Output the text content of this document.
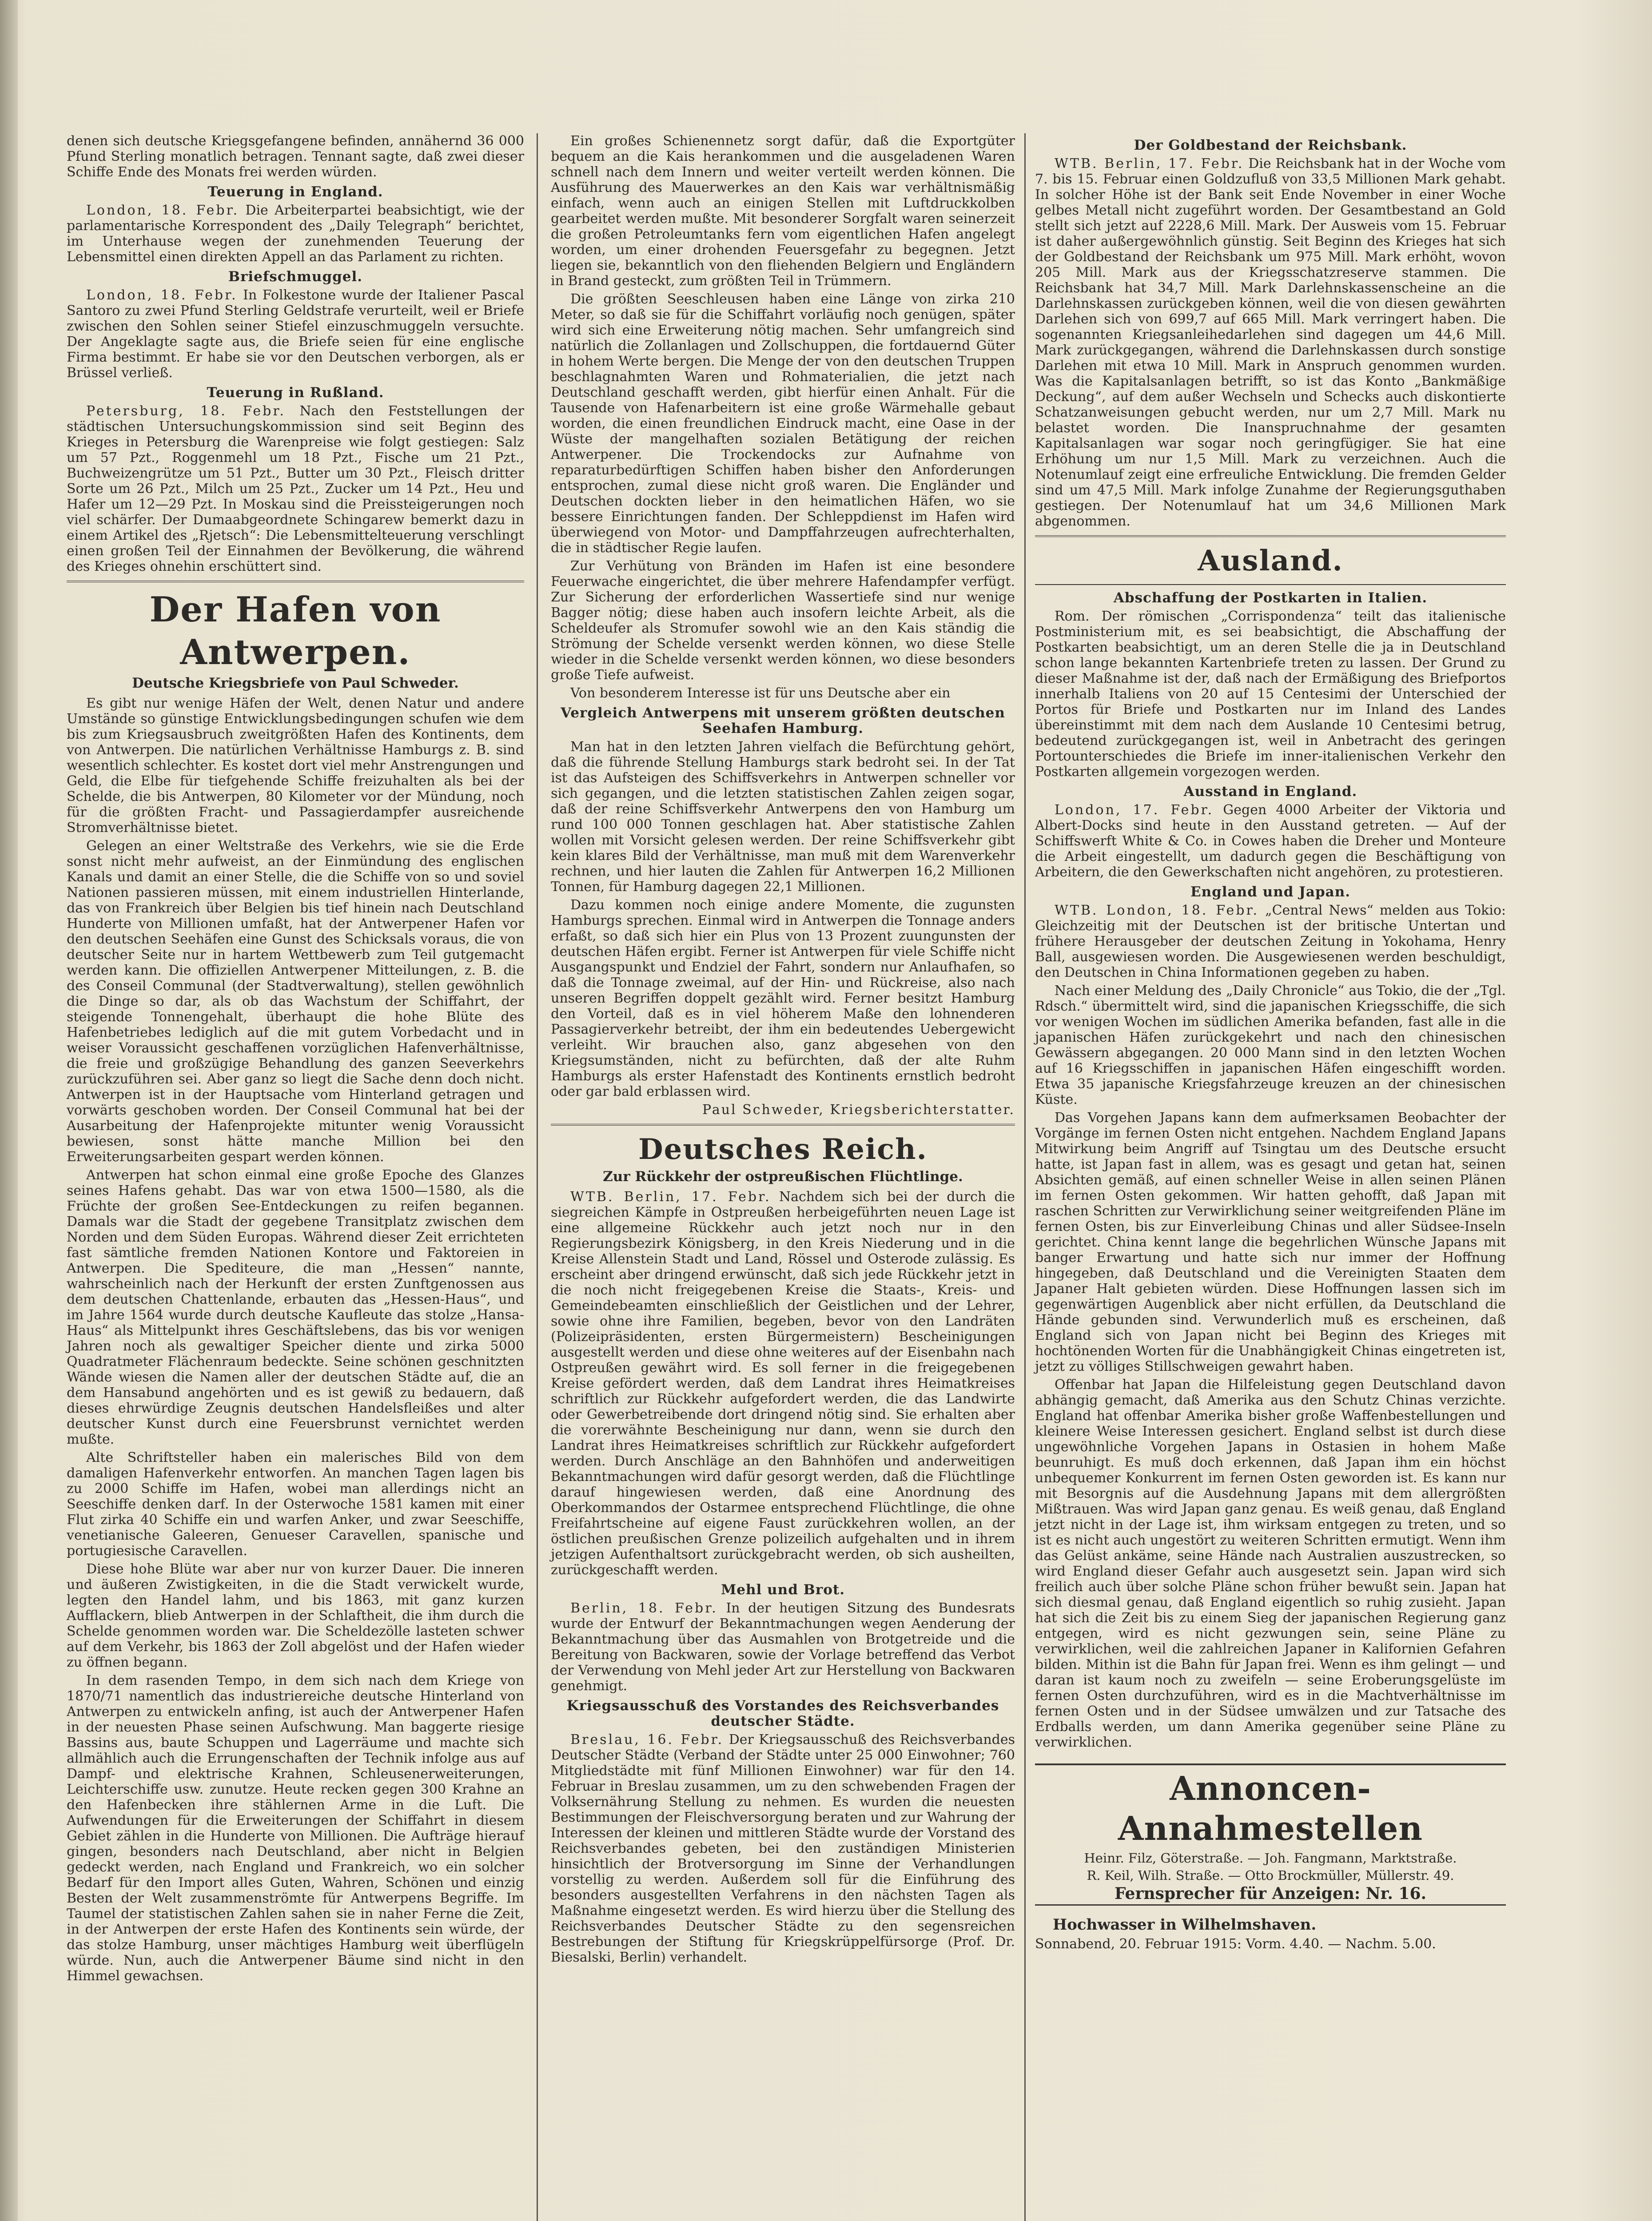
denen sich deutsche Kriegsgefangene befinden, annähernd 36 000 Pfund Sterling monatlich betragen. Tennant sagte, daß zwei dieser Schiffe Ende des Monats frei werden würden.

Teuerung in England.

London, 18. Febr. Die Arbeiterpartei beabsichtigt, wie der parlamentarische Korrespondent des „Daily Telegraph“ berichtet, im Unterhause wegen der zunehmenden Teuerung der Lebensmittel einen direkten Appell an das Parlament zu richten.

Briefschmuggel.

London, 18. Febr. In Folkestone wurde der Italiener Pascal Santoro zu zwei Pfund Sterling Geldstrafe verurteilt, weil er Briefe zwischen den Sohlen seiner Stiefel einzuschmuggeln versuchte. Der Angeklagte sagte aus, die Briefe seien für eine englische Firma bestimmt. Er habe sie vor den Deutschen verborgen, als er Brüssel verließ.

Teuerung in Rußland.

Petersburg, 18. Febr. Nach den Feststellungen der städtischen Untersuchungskommission sind seit Beginn des Krieges in Petersburg die Warenpreise wie folgt gestiegen: Salz um 57 Pzt., Roggenmehl um 18 Pzt., Fische um 21 Pzt., Buchweizengrütze um 51 Pzt., Butter um 30 Pzt., Fleisch dritter Sorte um 26 Pzt., Milch um 25 Pzt., Zucker um 14 Pzt., Heu und Hafer um 12—29 Pzt. In Moskau sind die Preissteigerungen noch viel schärfer. Der Dumaabgeordnete Schingarew bemerkt dazu in einem Artikel des „Rjetsch“: Die Lebensmittelteuerung verschlingt einen großen Teil der Einnahmen der Bevölkerung, die während des Krieges ohnehin erschüttert sind.

Der Hafen von Antwerpen.
Deutsche Kriegsbriefe von Paul Schweder.

Es gibt nur wenige Häfen der Welt, denen Natur und andere Umstände so günstige Entwicklungsbedingungen schufen wie dem bis zum Kriegsausbruch zweitgrößten Hafen des Kontinents, dem von Antwerpen. Die natürlichen Verhältnisse Hamburgs z. B. sind wesentlich schlechter. Es kostet dort viel mehr Anstrengungen und Geld, die Elbe für tiefgehende Schiffe freizuhalten als bei der Schelde, die bis Antwerpen, 80 Kilometer vor der Mündung, noch für die größten Fracht- und Passagierdampfer ausreichende Stromverhältnisse bietet.

Gelegen an einer Weltstraße des Verkehrs, wie sie die Erde sonst nicht mehr aufweist, an der Einmündung des englischen Kanals und damit an einer Stelle, die die Schiffe von so und soviel Nationen passieren müssen, mit einem industriellen Hinterlande, das von Frankreich über Belgien bis tief hinein nach Deutschland Hunderte von Millionen umfaßt, hat der Antwerpener Hafen vor den deutschen Seehäfen eine Gunst des Schicksals voraus, die von deutscher Seite nur in hartem Wettbewerb zum Teil gutgemacht werden kann. Die offiziellen Antwerpener Mitteilungen, z. B. die des Conseil Communal (der Stadtverwaltung), stellen gewöhnlich die Dinge so dar, als ob das Wachstum der Schiffahrt, der steigende Tonnengehalt, überhaupt die hohe Blüte des Hafenbetriebes lediglich auf die mit gutem Vorbedacht und in weiser Voraussicht geschaffenen vorzüglichen Hafenverhältnisse, die freie und großzügige Behandlung des ganzen Seeverkehrs zurückzuführen sei. Aber ganz so liegt die Sache denn doch nicht. Antwerpen ist in der Hauptsache vom Hinterland getragen und vorwärts geschoben worden. Der Conseil Communal hat bei der Ausarbeitung der Hafenprojekte mitunter wenig Voraussicht bewiesen, sonst hätte manche Million bei den Erweiterungsarbeiten gespart werden können.

Antwerpen hat schon einmal eine große Epoche des Glanzes seines Hafens gehabt. Das war von etwa 1500—1580, als die Früchte der großen See-Entdeckungen zu reifen begannen. Damals war die Stadt der gegebene Transitplatz zwischen dem Norden und dem Süden Europas. Während dieser Zeit errichteten fast sämtliche fremden Nationen Kontore und Faktoreien in Antwerpen. Die Spediteure, die man „Hessen“ nannte, wahrscheinlich nach der Herkunft der ersten Zunftgenossen aus dem deutschen Chattenlande, erbauten das „Hessen-Haus“, und im Jahre 1564 wurde durch deutsche Kaufleute das stolze „Hansa-Haus“ als Mittelpunkt ihres Geschäftslebens, das bis vor wenigen Jahren noch als gewaltiger Speicher diente und zirka 5000 Quadratmeter Flächenraum bedeckte. Seine schönen geschnitzten Wände wiesen die Namen aller der deutschen Städte auf, die an dem Hansabund angehörten und es ist gewiß zu bedauern, daß dieses ehrwürdige Zeugnis deutschen Handelsfleißes und alter deutscher Kunst durch eine Feuersbrunst vernichtet werden mußte.

Alte Schriftsteller haben ein malerisches Bild von dem damaligen Hafenverkehr entworfen. An manchen Tagen lagen bis zu 2000 Schiffe im Hafen, wobei man allerdings nicht an Seeschiffe denken darf. In der Osterwoche 1581 kamen mit einer Flut zirka 40 Schiffe ein und warfen Anker, und zwar Seeschiffe, venetianische Galeeren, Genueser Caravellen, spanische und portugiesische Caravellen.

Diese hohe Blüte war aber nur von kurzer Dauer. Die inneren und äußeren Zwistigkeiten, in die die Stadt verwickelt wurde, legten den Handel lahm, und bis 1863, mit ganz kurzen Aufflackern, blieb Antwerpen in der Schlaftheit, die ihm durch die Schelde genommen worden war. Die Scheldezölle lasteten schwer auf dem Verkehr, bis 1863 der Zoll abgelöst und der Hafen wieder zu öffnen begann.

In dem rasenden Tempo, in dem sich nach dem Kriege von 1870/71 namentlich das industriereiche deutsche Hinterland von Antwerpen zu entwickeln anfing, ist auch der Antwerpener Hafen in der neuesten Phase seinen Aufschwung. Man baggerte riesige Bassins aus, baute Schuppen und Lagerräume und machte sich allmählich auch die Errungenschaften der Technik infolge aus auf Dampf- und elektrische Krahnen, Schleusenerweiterungen, Leichterschiffe usw. zunutze. Heute recken gegen 300 Krahne an den Hafenbecken ihre stählernen Arme in die Luft. Die Aufwendungen für die Erweiterungen der Schiffahrt in diesem Gebiet zählen in die Hunderte von Millionen. Die Aufträge hierauf gingen, besonders nach Deutschland, aber nicht in Belgien gedeckt werden, nach England und Frankreich, wo ein solcher Bedarf für den Import alles Guten, Wahren, Schönen und einzig Besten der Welt zusammenströmte für Antwerpens Begriffe. Im Taumel der statistischen Zahlen sahen sie in naher Ferne die Zeit, in der Antwerpen der erste Hafen des Kontinents sein würde, der das stolze Hamburg, unser mächtiges Hamburg weit überflügeln würde. Nun, auch die Antwerpener Bäume sind nicht in den Himmel gewachsen.

Ein großes Schienennetz sorgt dafür, daß die Exportgüter bequem an die Kais herankommen und die ausgeladenen Waren schnell nach dem Innern und weiter verteilt werden können. Die Ausführung des Mauerwerkes an den Kais war verhältnismäßig einfach, wenn auch an einigen Stellen mit Luftdruckkolben gearbeitet werden mußte. Mit besonderer Sorgfalt waren seinerzeit die großen Petroleumtanks fern vom eigentlichen Hafen angelegt worden, um einer drohenden Feuersgefahr zu begegnen. Jetzt liegen sie, bekanntlich von den fliehenden Belgiern und Engländern in Brand gesteckt, zum größten Teil in Trümmern.

Die größten Seeschleusen haben eine Länge von zirka 210 Meter, so daß sie für die Schiffahrt vorläufig noch genügen, später wird sich eine Erweiterung nötig machen. Sehr umfangreich sind natürlich die Zollanlagen und Zollschuppen, die fortdauernd Güter in hohem Werte bergen. Die Menge der von den deutschen Truppen beschlagnahmten Waren und Rohmaterialien, die jetzt nach Deutschland geschafft werden, gibt hierfür einen Anhalt. Für die Tausende von Hafenarbeitern ist eine große Wärmehalle gebaut worden, die einen freundlichen Eindruck macht, eine Oase in der Wüste der mangelhaften sozialen Betätigung der reichen Antwerpener. Die Trockendocks zur Aufnahme von reparaturbedürftigen Schiffen haben bisher den Anforderungen entsprochen, zumal diese nicht groß waren. Die Engländer und Deutschen dockten lieber in den heimatlichen Häfen, wo sie bessere Einrichtungen fanden. Der Schleppdienst im Hafen wird überwiegend von Motor- und Dampffahrzeugen aufrechterhalten, die in städtischer Regie laufen.

Zur Verhütung von Bränden im Hafen ist eine besondere Feuerwache eingerichtet, die über mehrere Hafendampfer verfügt. Zur Sicherung der erforderlichen Wassertiefe sind nur wenige Bagger nötig; diese haben auch insofern leichte Arbeit, als die Scheldeufer als Stromufer sowohl wie an den Kais ständig die Strömung der Schelde versenkt werden können, wo diese Stelle wieder in die Schelde versenkt werden können, wo diese besonders große Tiefe aufweist.

Von besonderem Interesse ist für uns Deutsche aber ein

Vergleich Antwerpens mit unserem größten deutschen Seehafen Hamburg.

Man hat in den letzten Jahren vielfach die Befürchtung gehört, daß die führende Stellung Hamburgs stark bedroht sei. In der Tat ist das Aufsteigen des Schiffsverkehrs in Antwerpen schneller vor sich gegangen, und die letzten statistischen Zahlen zeigen sogar, daß der reine Schiffsverkehr Antwerpens den von Hamburg um rund 100 000 Tonnen geschlagen hat. Aber statistische Zahlen wollen mit Vorsicht gelesen werden. Der reine Schiffsverkehr gibt kein klares Bild der Verhältnisse, man muß mit dem Warenverkehr rechnen, und hier lauten die Zahlen für Antwerpen 16,2 Millionen Tonnen, für Hamburg dagegen 22,1 Millionen.

Dazu kommen noch einige andere Momente, die zugunsten Hamburgs sprechen. Einmal wird in Antwerpen die Tonnage anders erfaßt, so daß sich hier ein Plus von 13 Prozent zuungunsten der deutschen Häfen ergibt. Ferner ist Antwerpen für viele Schiffe nicht Ausgangspunkt und Endziel der Fahrt, sondern nur Anlaufhafen, so daß die Tonnage zweimal, auf der Hin- und Rückreise, also nach unseren Begriffen doppelt gezählt wird. Ferner besitzt Hamburg den Vorteil, daß es in viel höherem Maße den lohnenderen Passagierverkehr betreibt, der ihm ein bedeutendes Uebergewicht verleiht. Wir brauchen also, ganz abgesehen von den Kriegsumständen, nicht zu befürchten, daß der alte Ruhm Hamburgs als erster Hafenstadt des Kontinents ernstlich bedroht oder gar bald erblassen wird.

Paul Schweder, Kriegsberichterstatter.
Deutsches Reich.
Zur Rückkehr der ostpreußischen Flüchtlinge.

WTB. Berlin, 17. Febr. Nachdem sich bei der durch die siegreichen Kämpfe in Ostpreußen herbeigeführten neuen Lage ist eine allgemeine Rückkehr auch jetzt noch nur in den Regierungsbezirk Königsberg, in den Kreis Niederung und in die Kreise Allenstein Stadt und Land, Rössel und Osterode zulässig. Es erscheint aber dringend erwünscht, daß sich jede Rückkehr jetzt in die noch nicht freigegebenen Kreise die Staats-, Kreis- und Gemeindebeamten einschließlich der Geistlichen und der Lehrer, sowie ohne ihre Familien, begeben, bevor von den Landräten (Polizeipräsidenten, ersten Bürgermeistern) Bescheinigungen ausgestellt werden und diese ohne weiteres auf der Eisenbahn nach Ostpreußen gewährt wird. Es soll ferner in die freigegebenen Kreise gefördert werden, daß dem Landrat ihres Heimatkreises schriftlich zur Rückkehr aufgefordert werden, die das Landwirte oder Gewerbetreibende dort dringend nötig sind. Sie erhalten aber die vorerwähnte Bescheinigung nur dann, wenn sie durch den Landrat ihres Heimatkreises schriftlich zur Rückkehr aufgefordert werden. Durch Anschläge an den Bahnhöfen und anderweitigen Bekanntmachungen wird dafür gesorgt werden, daß die Flüchtlinge darauf hingewiesen werden, daß eine Anordnung des Oberkommandos der Ostarmee entsprechend Flüchtlinge, die ohne Freifahrtscheine auf eigene Faust zurückkehren wollen, an der östlichen preußischen Grenze polizeilich aufgehalten und in ihrem jetzigen Aufenthaltsort zurückgebracht werden, ob sich ausheilten, zurückgeschafft werden.

Mehl und Brot.

Berlin, 18. Febr. In der heutigen Sitzung des Bundesrats wurde der Entwurf der Bekanntmachungen wegen Aenderung der Bekanntmachung über das Ausmahlen von Brotgetreide und die Bereitung von Backwaren, sowie der Vorlage betreffend das Verbot der Verwendung von Mehl jeder Art zur Herstellung von Backwaren genehmigt.

Kriegsausschuß des Vorstandes des Reichsverbandes deutscher Städte.

Breslau, 16. Febr. Der Kriegsausschuß des Reichsverbandes Deutscher Städte (Verband der Städte unter 25 000 Einwohner; 760 Mitgliedstädte mit fünf Millionen Einwohner) war für den 14. Februar in Breslau zusammen, um zu den schwebenden Fragen der Volksernährung Stellung zu nehmen. Es wurden die neuesten Bestimmungen der Fleischversorgung beraten und zur Wahrung der Interessen der kleinen und mittleren Städte wurde der Vorstand des Reichsverbandes gebeten, bei den zuständigen Ministerien hinsichtlich der Brotversorgung im Sinne der Verhandlungen vorstellig zu werden. Außerdem soll für die Einführung des besonders ausgestellten Verfahrens in den nächsten Tagen als Maßnahme eingesetzt werden. Es wird hierzu über die Stellung des Reichsverbandes Deutscher Städte zu den segensreichen Bestrebungen der Stiftung für Kriegskrüppelfürsorge (Prof. Dr. Biesalski, Berlin) verhandelt.

Der Goldbestand der Reichsbank.

WTB. Berlin, 17. Febr. Die Reichsbank hat in der Woche vom 7. bis 15. Februar einen Goldzufluß von 33,5 Millionen Mark gehabt. In solcher Höhe ist der Bank seit Ende November in einer Woche gelbes Metall nicht zugeführt worden. Der Gesamtbestand an Gold stellt sich jetzt auf 2228,6 Mill. Mark. Der Ausweis vom 15. Februar ist daher außergewöhnlich günstig. Seit Beginn des Krieges hat sich der Goldbestand der Reichsbank um 975 Mill. Mark erhöht, wovon 205 Mill. Mark aus der Kriegsschatzreserve stammen. Die Reichsbank hat 34,7 Mill. Mark Darlehnskassenscheine an die Darlehnskassen zurückgeben können, weil die von diesen gewährten Darlehen sich von 699,7 auf 665 Mill. Mark verringert haben. Die sogenannten Kriegsanleihedarlehen sind dagegen um 44,6 Mill. Mark zurückgegangen, während die Darlehnskassen durch sonstige Darlehen mit etwa 10 Mill. Mark in Anspruch genommen wurden. Was die Kapitalsanlagen betrifft, so ist das Konto „Bankmäßige Deckung“, auf dem außer Wechseln und Schecks auch diskontierte Schatzanweisungen gebucht werden, nur um 2,7 Mill. Mark nu belastet worden. Die Inanspruchnahme der gesamten Kapitalsanlagen war sogar noch geringfügiger. Sie hat eine Erhöhung um nur 1,5 Mill. Mark zu verzeichnen. Auch die Notenumlauf zeigt eine erfreuliche Entwicklung. Die fremden Gelder sind um 47,5 Mill. Mark infolge Zunahme der Regierungsguthaben gestiegen. Der Notenumlauf hat um 34,6 Millionen Mark abgenommen.

Ausland.
Abschaffung der Postkarten in Italien.

Rom. Der römischen „Corrispondenza“ teilt das italienische Postministerium mit, es sei beabsichtigt, die Abschaffung der Postkarten beabsichtigt, um an deren Stelle die ja in Deutschland schon lange bekannten Kartenbriefe treten zu lassen. Der Grund zu dieser Maßnahme ist der, daß nach der Ermäßigung des Briefportos innerhalb Italiens von 20 auf 15 Centesimi der Unterschied der Portos für Briefe und Postkarten nur im Inland des Landes übereinstimmt mit dem nach dem Auslande 10 Centesimi betrug, bedeutend zurückgegangen ist, weil in Anbetracht des geringen Portounterschiedes die Briefe im inner-italienischen Verkehr den Postkarten allgemein vorgezogen werden.

Ausstand in England.

London, 17. Febr. Gegen 4000 Arbeiter der Viktoria und Albert-Docks sind heute in den Ausstand getreten. — Auf der Schiffswerft White & Co. in Cowes haben die Dreher und Monteure die Arbeit eingestellt, um dadurch gegen die Beschäftigung von Arbeitern, die den Gewerkschaften nicht angehören, zu protestieren.

England und Japan.

WTB. London, 18. Febr. „Central News“ melden aus Tokio: Gleichzeitig mit der Deutschen ist der britische Untertan und frühere Herausgeber der deutschen Zeitung in Yokohama, Henry Ball, ausgewiesen worden. Die Ausgewiesenen werden beschuldigt, den Deutschen in China Informationen gegeben zu haben.

Nach einer Meldung des „Daily Chronicle“ aus Tokio, die der „Tgl. Rdsch.“ übermittelt wird, sind die japanischen Kriegsschiffe, die sich vor wenigen Wochen im südlichen Amerika befanden, fast alle in die japanischen Häfen zurückgekehrt und nach den chinesischen Gewässern abgegangen. 20 000 Mann sind in den letzten Wochen auf 16 Kriegsschiffen in japanischen Häfen eingeschifft worden. Etwa 35 japanische Kriegsfahrzeuge kreuzen an der chinesischen Küste.

Das Vorgehen Japans kann dem aufmerksamen Beobachter der Vorgänge im fernen Osten nicht entgehen. Nachdem England Japans Mitwirkung beim Angriff auf Tsingtau um des Deutsche ersucht hatte, ist Japan fast in allem, was es gesagt und getan hat, seinen Absichten gemäß, auf einen schneller Weise in allen seinen Plänen im fernen Osten gekommen. Wir hatten gehofft, daß Japan mit raschen Schritten zur Verwirklichung seiner weitgreifenden Pläne im fernen Osten, bis zur Einverleibung Chinas und aller Südsee-Inseln gerichtet. China kennt lange die begehrlichen Wünsche Japans mit banger Erwartung und hatte sich nur immer der Hoffnung hingegeben, daß Deutschland und die Vereinigten Staaten dem Japaner Halt gebieten würden. Diese Hoffnungen lassen sich im gegenwärtigen Augenblick aber nicht erfüllen, da Deutschland die Hände gebunden sind. Verwunderlich muß es erscheinen, daß England sich von Japan nicht bei Beginn des Krieges mit hochtönenden Worten für die Unabhängigkeit Chinas eingetreten ist, jetzt zu völliges Stillschweigen gewahrt haben.

Offenbar hat Japan die Hilfeleistung gegen Deutschland davon abhängig gemacht, daß Amerika aus den Schutz Chinas verzichte. England hat offenbar Amerika bisher große Waffenbestellungen und kleinere Weise Interessen gesichert. England selbst ist durch diese ungewöhnliche Vorgehen Japans in Ostasien in hohem Maße beunruhigt. Es muß doch erkennen, daß Japan ihm ein höchst unbequemer Konkurrent im fernen Osten geworden ist. Es kann nur mit Besorgnis auf die Ausdehnung Japans mit dem allergrößten Mißtrauen. Was wird Japan ganz genau. Es weiß genau, daß England jetzt nicht in der Lage ist, ihm wirksam entgegen zu treten, und so ist es nicht auch ungestört zu weiteren Schritten ermutigt. Wenn ihm das Gelüst ankäme, seine Hände nach Australien auszustrecken, so wird England dieser Gefahr auch ausgesetzt sein. Japan wird sich freilich auch über solche Pläne schon früher bewußt sein. Japan hat sich diesmal genau, daß England eigentlich so ruhig zusieht. Japan hat sich die Zeit bis zu einem Sieg der japanischen Regierung ganz entgegen, wird es nicht gezwungen sein, seine Pläne zu verwirklichen, weil die zahlreichen Japaner in Kalifornien Gefahren bilden. Mithin ist die Bahn für Japan frei. Wenn es ihm gelingt — und daran ist kaum noch zu zweifeln — seine Eroberungsgelüste im fernen Osten durchzuführen, wird es in die Machtverhältnisse im fernen Osten und in der Südsee umwälzen und zur Tatsache des Erdballs werden, um dann Amerika gegenüber seine Pläne zu verwirklichen.

Annoncen-Annahmestellen
Heinr. Filz, Göterstraße. — Joh. Fangmann, Marktstraße.
R. Keil, Wilh. Straße. — Otto Brockmüller, Müllerstr. 49.
Fernsprecher für Anzeigen: Nr. 16.
Hochwasser in Wilhelmshaven.

Sonnabend, 20. Februar 1915: Vorm. 4.40. — Nachm. 5.00.
